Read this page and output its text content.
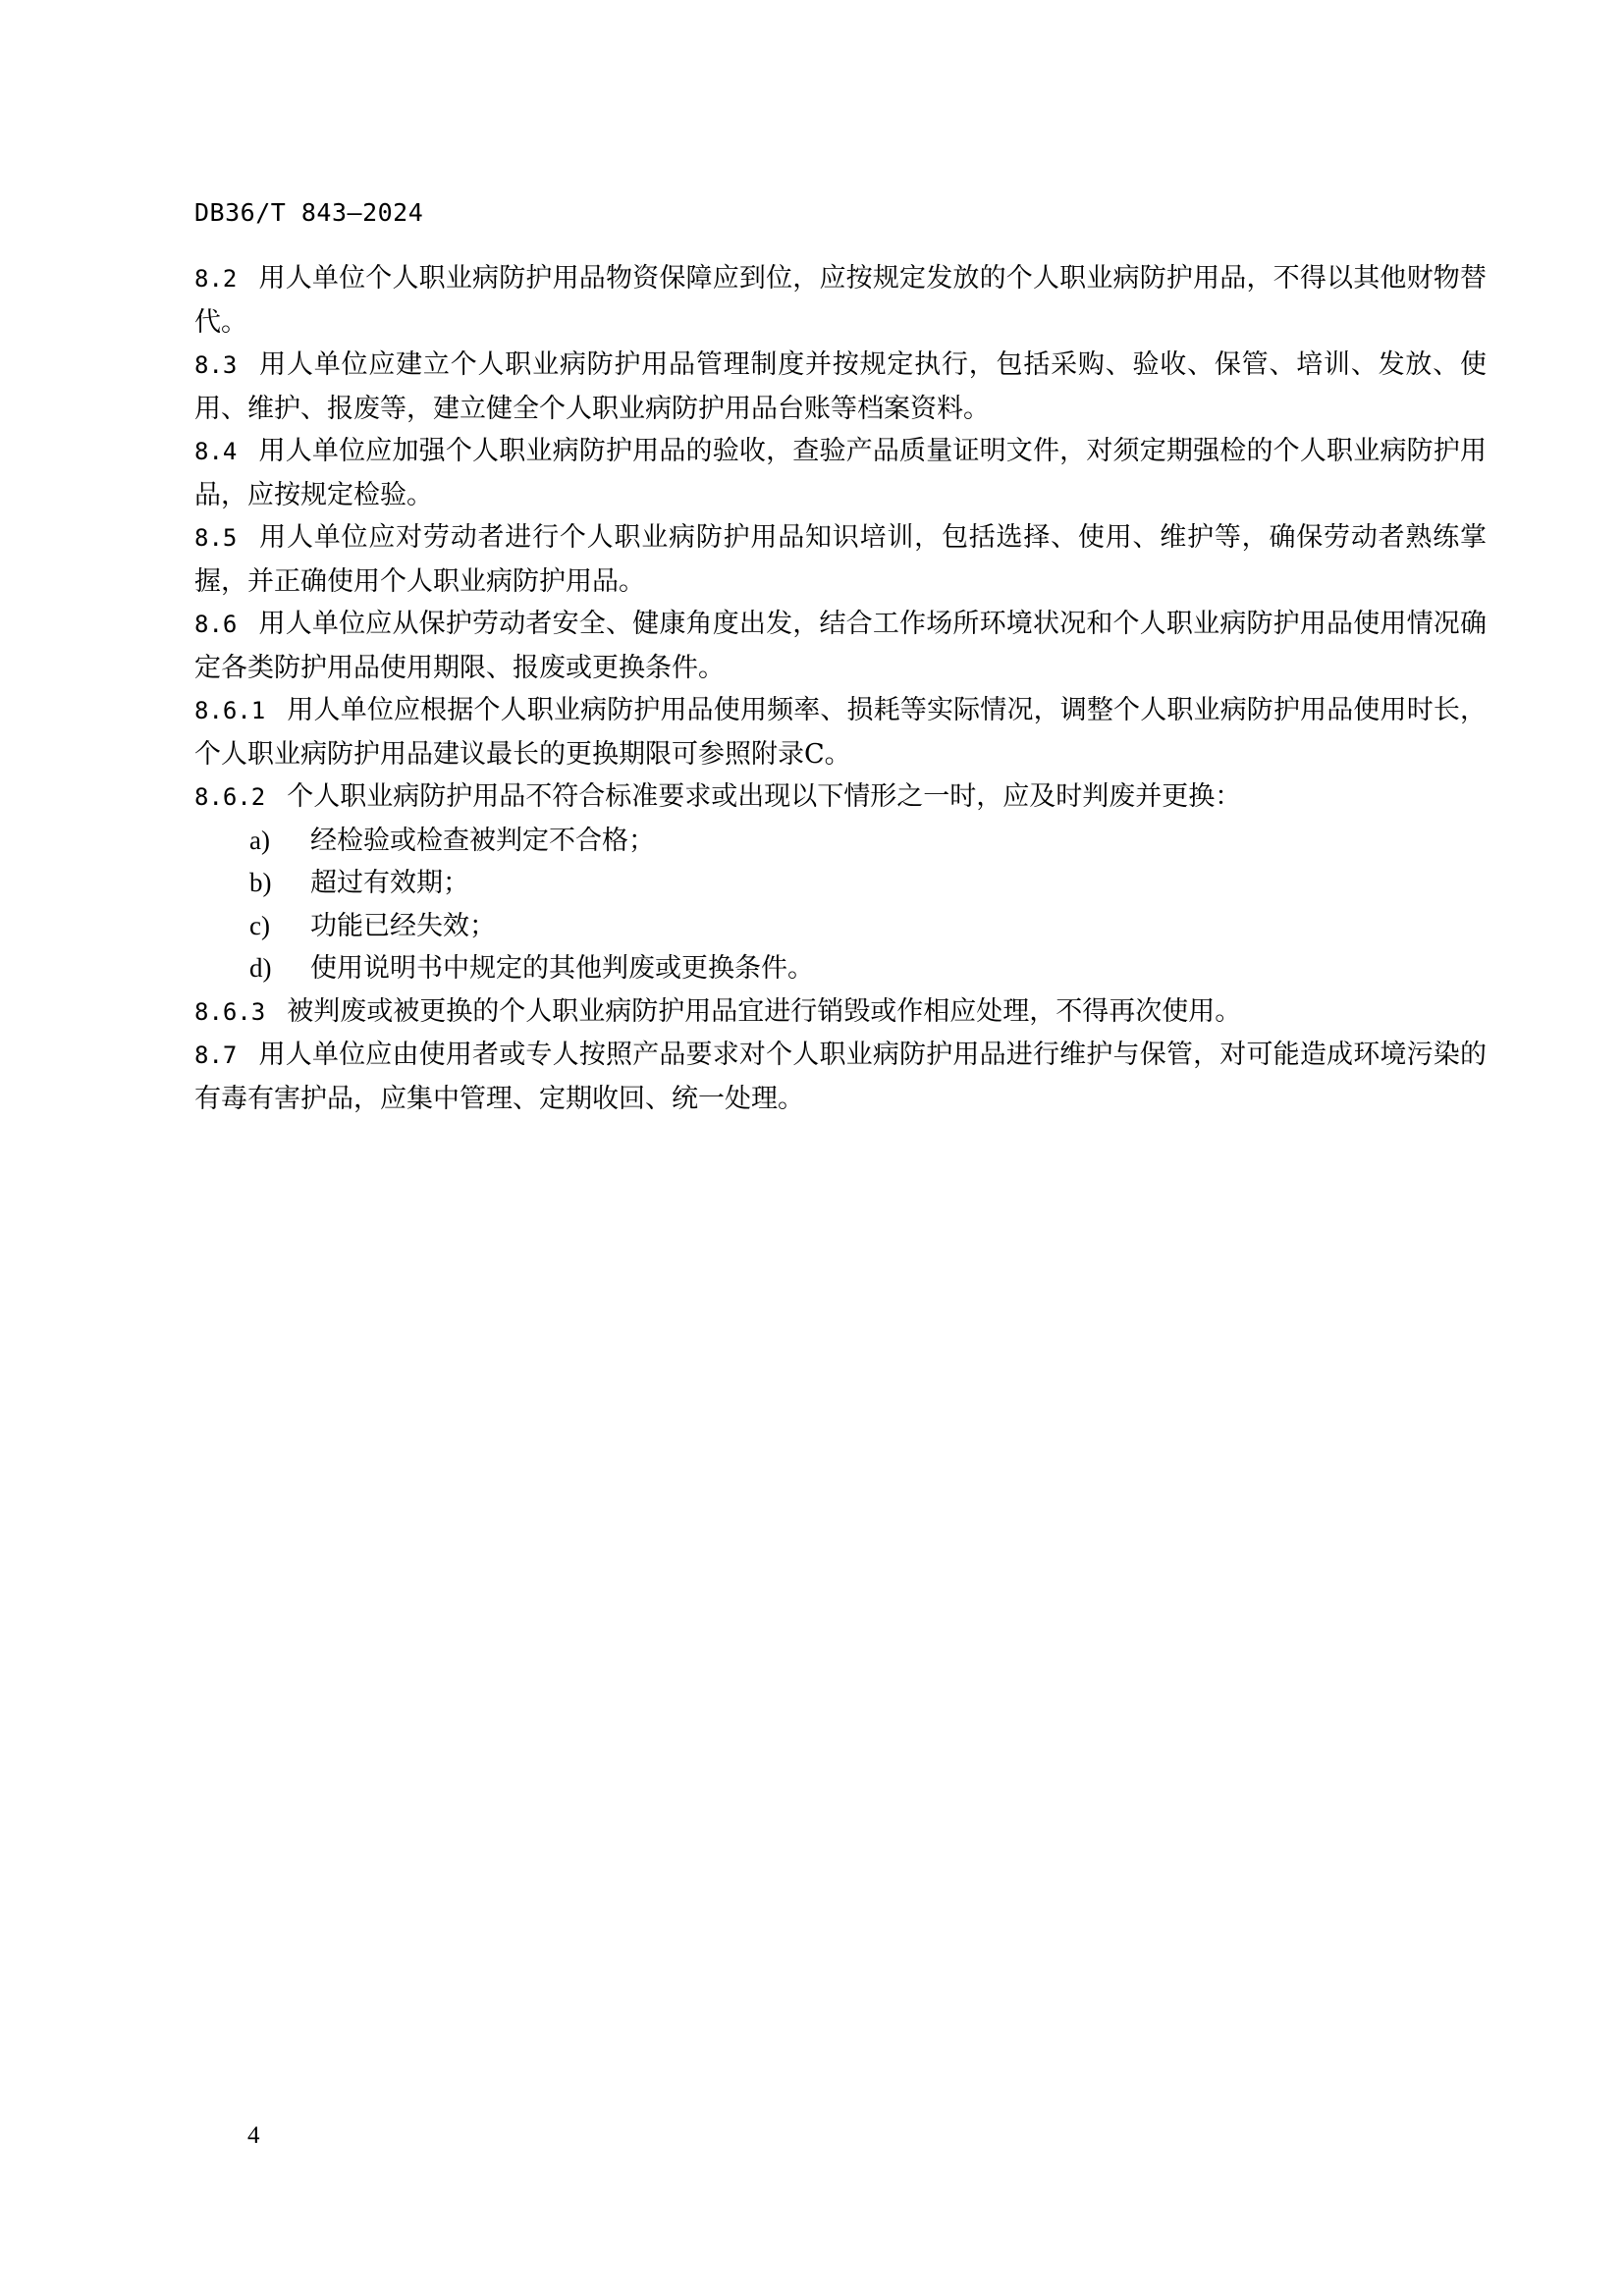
DB36/T 843—2024

8.2 用人单位个人职业病防护用品物资保障应到位，应按规定发放的个人职业病防护用品，不得以其他财物替代。

8.3 用人单位应建立个人职业病防护用品管理制度并按规定执行，包括采购、验收、保管、培训、发放、使用、维护、报废等，建立健全个人职业病防护用品台账等档案资料。

8.4 用人单位应加强个人职业病防护用品的验收，查验产品质量证明文件，对须定期强检的个人职业病防护用品，应按规定检验。

8.5 用人单位应对劳动者进行个人职业病防护用品知识培训，包括选择、使用、维护等，确保劳动者熟练掌握，并正确使用个人职业病防护用品。

8.6 用人单位应从保护劳动者安全、健康角度出发，结合工作场所环境状况和个人职业病防护用品使用情况确定各类防护用品使用期限、报废或更换条件。

8.6.1 用人单位应根据个人职业病防护用品使用频率、损耗等实际情况，调整个人职业病防护用品使用时长，个人职业病防护用品建议最长的更换期限可参照附录C。

8.6.2 个人职业病防护用品不符合标准要求或出现以下情形之一时，应及时判废并更换：

a) 经检验或检查被判定不合格；
b) 超过有效期；
c) 功能已经失效；
d) 使用说明书中规定的其他判废或更换条件。

8.6.3 被判废或被更换的个人职业病防护用品宜进行销毁或作相应处理，不得再次使用。

8.7 用人单位应由使用者或专人按照产品要求对个人职业病防护用品进行维护与保管，对可能造成环境污染的有毒有害护品，应集中管理、定期收回、统一处理。

4
